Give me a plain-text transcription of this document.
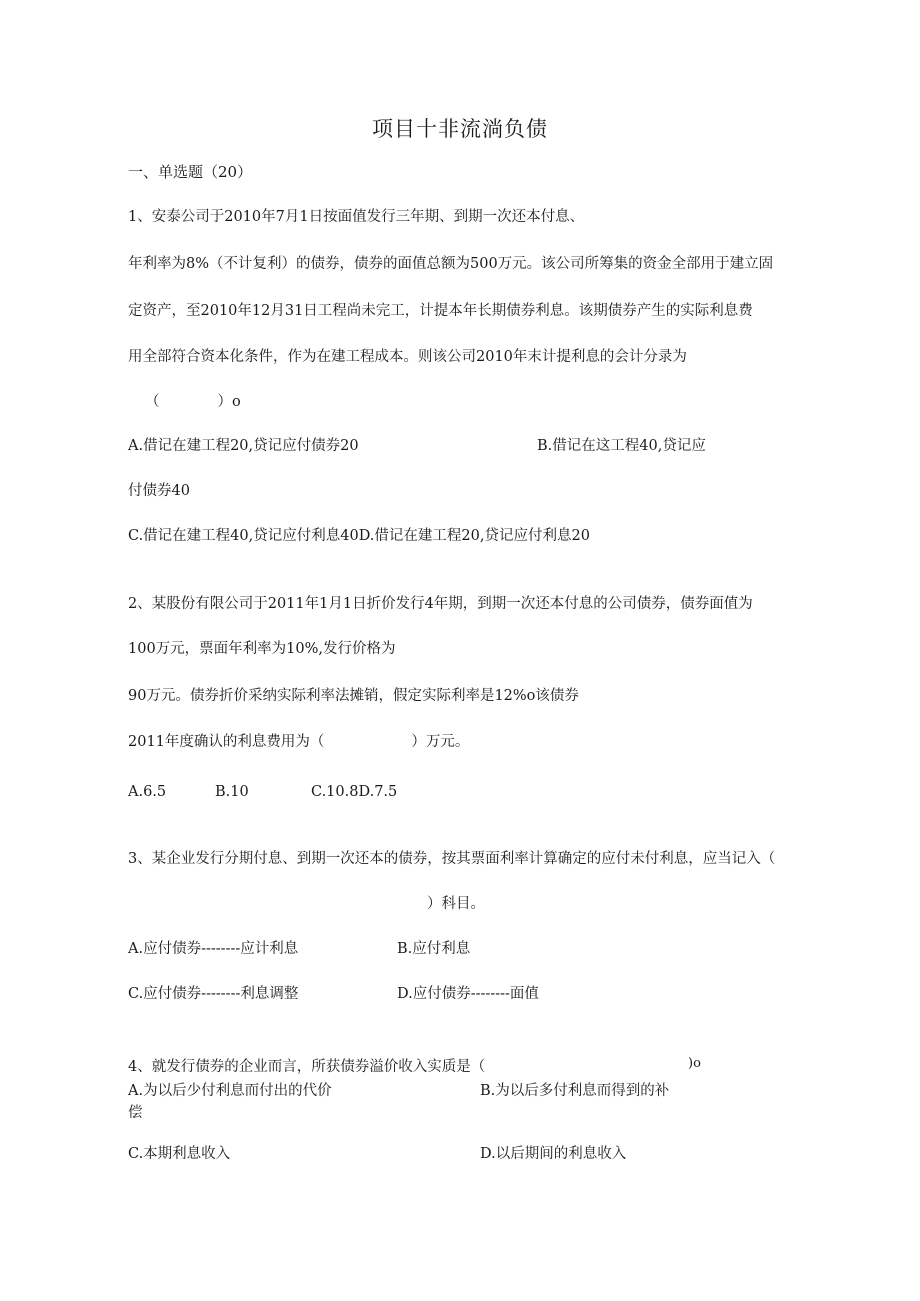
项目十非流淌负债
一、单选题（20）
1、安泰公司于2010年7月1日按面值发行三年期、到期一次还本付息、
年利率为8%（不计复利）的债券，债券的面值总额为500万元。该公司所筹集的资金全部用于建立固
定资产，至2010年12月31日工程尚未完工，计提本年长期债券利息。该期债券产生的实际利息费
用全部符合资本化条件，作为在建工程成本。则该公司2010年末计提利息的会计分录为
（　　　　）o
A.借记在建工程20,贷记应付债券20	B.借记在这工程40,贷记应
付债券40
C.借记在建工程40,贷记应付利息40D.借记在建工程20,贷记应付利息20
2、某股份有限公司于2011年1月1日折价发行4年期，到期一次还本付息的公司债券，债券面值为
100万元，票面年利率为10%,发行价格为
90万元。债券折价采纳实际利率法摊销，假定实际利率是12%o该债券
2011年度确认的利息费用为（　　　　　　）万元。
A.6.5	B.10	C.10.8D.7.5
3、某企业发行分期付息、到期一次还本的债券，按其票面利率计算确定的应付未付利息，应当记入（
）科目。
A.应付债券--------应计利息	B.应付利息
C.应付债券--------利息调整	D.应付债券--------面值
4、就发行债券的企业而言，所获债券溢价收入实质是（	)o
A.为以后少付利息而付出的代价
偿
B.为以后多付利息而得到的补
C.本期利息收入	D.以后期间的利息收入
